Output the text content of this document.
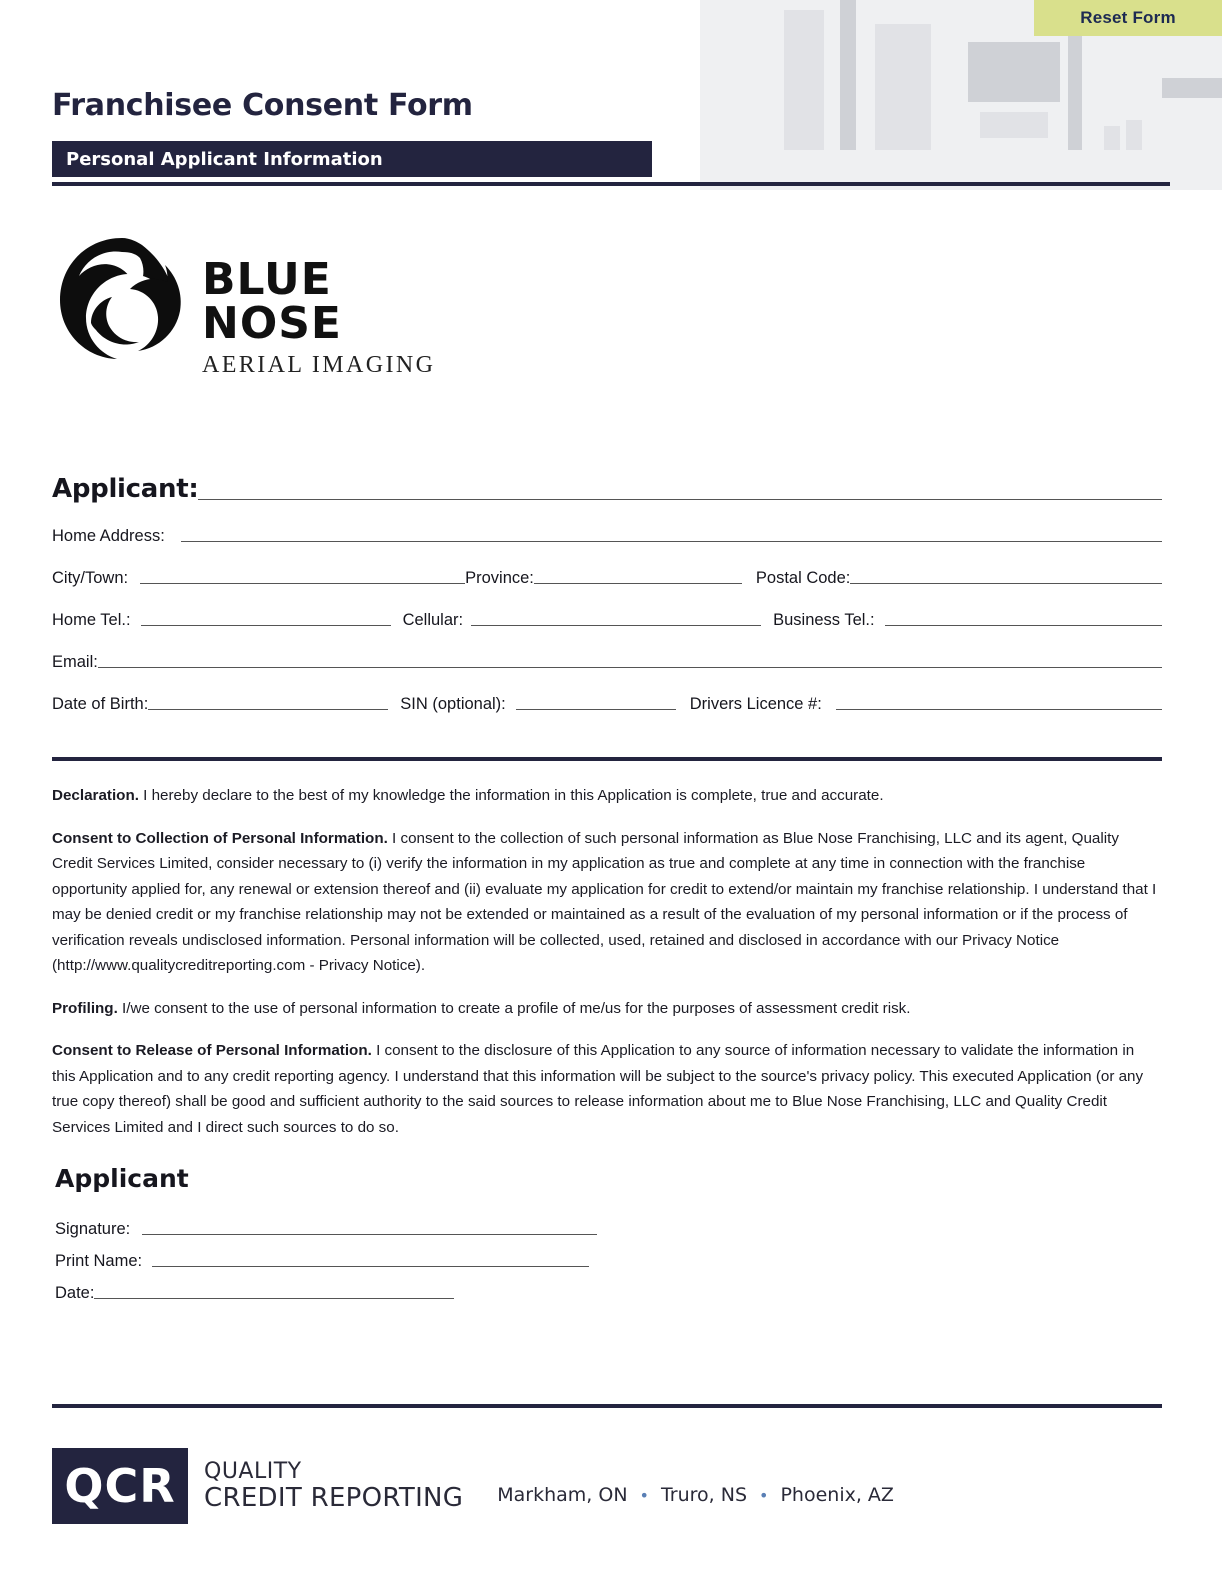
Reset Form
Franchisee Consent Form
Personal Applicant Information
BLUE NOSE
AERIAL IMAGING
Applicant:
Home Address:
City/Town:	Province:	Postal Code:
Home Tel.:	Cellular:	Business Tel.:
Email:
Date of Birth:	SIN (optional):	Drivers Licence #:

Declaration. I hereby declare to the best of my knowledge the information in this Application is complete, true and accurate.

Consent to Collection of Personal Information. I consent to the collection of such personal information as Blue Nose Franchising, LLC and its agent, Quality Credit Services Limited, consider necessary to (i) verify the information in my application as true and complete at any time in connection with the franchise opportunity applied for, any renewal or extension thereof and (ii) evaluate my application for credit to extend/or maintain my franchise relationship. I understand that I may be denied credit or my franchise relationship may not be extended or maintained as a result of the evaluation of my personal information or if the process of verification reveals undisclosed information. Personal information will be collected, used, retained and disclosed in accordance with our Privacy Notice (http://www.qualitycreditreporting.com - Privacy Notice).

Profiling. I/we consent to the use of personal information to create a profile of me/us for the purposes of assessment credit risk.

Consent to Release of Personal Information. I consent to the disclosure of this Application to any source of information necessary to validate the information in this Application and to any credit reporting agency. I understand that this information will be subject to the source's privacy policy. This executed Application (or any true copy thereof) shall be good and sufficient authority to the said sources to release information about me to Blue Nose Franchising, LLC and Quality Credit Services Limited and I direct such sources to do so.

Applicant
Signature:
Print Name:
Date:
QCR	QUALITY
CREDIT REPORTING Markham, ON • Truro, NS • Phoenix, AZ
